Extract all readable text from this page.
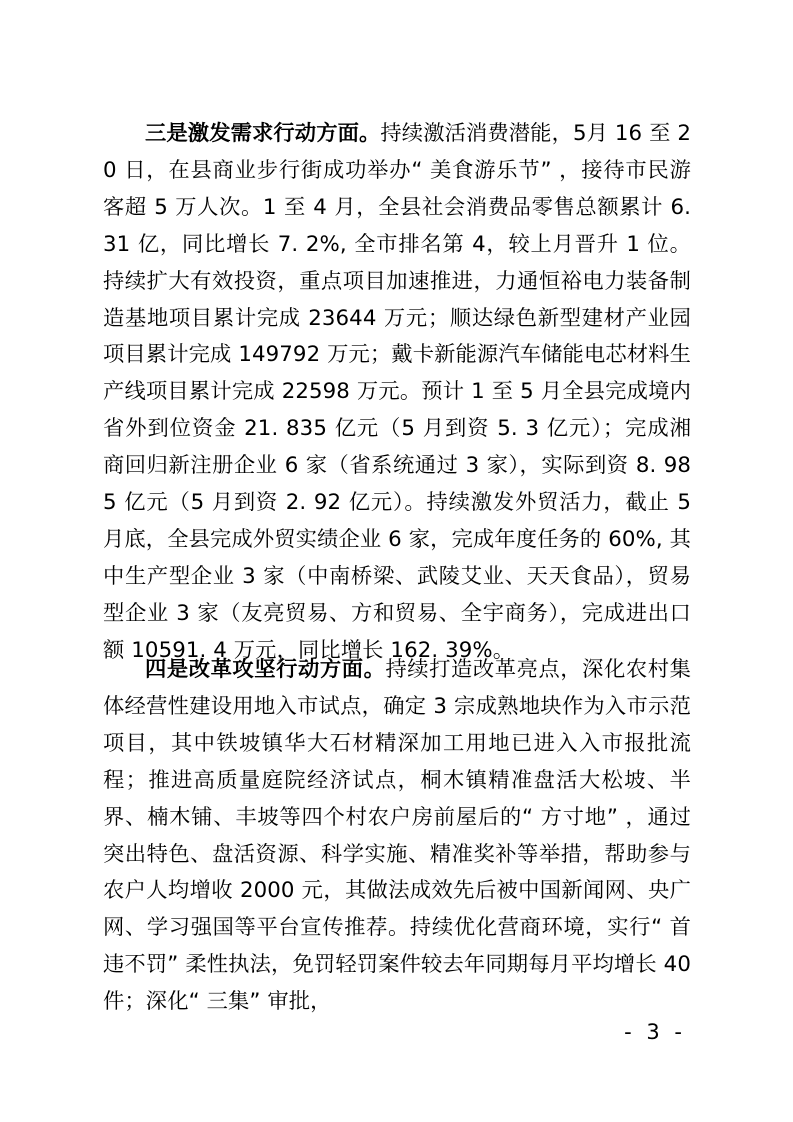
三是激发需求行动方面。持续激活消费潜能，5月 16 至 20 日，在县商业步行街成功举办“ 美食游乐节” ，接待市民游客超 5 万人次。1 至 4 月，全县社会消费品零售总额累计 6. 31 亿，同比增长 7. 2%, 全市排名第 4，较上月晋升 1 位。持续扩大有效投资，重点项目加速推进，力通恒裕电力装备制造基地项目累计完成 23644 万元；顺达绿色新型建材产业园项目累计完成 149792 万元；戴卡新能源汽车储能电芯材料生产线项目累计完成 22598 万元。预计 1 至 5 月全县完成境内省外到位资金 21. 835 亿元（5 月到资 5. 3 亿元）；完成湘商回归新注册企业 6 家（省系统通过 3 家），实际到资 8. 985 亿元（5 月到资 2. 92 亿元）。持续激发外贸活力，截止 5 月底，全县完成外贸实绩企业 6 家，完成年度任务的 60%, 其中生产型企业 3 家（中南桥梁、武陵艾业、天天食品），贸易型企业 3 家（友亮贸易、方和贸易、全宇商务），完成进出口额 10591. 4 万元，同比增长 162. 39%。

四是改革攻坚行动方面。持续打造改革亮点，深化农村集体经营性建设用地入市试点，确定 3 宗成熟地块作为入市示范项目，其中铁坡镇华大石材精深加工用地已进入入市报批流程；推进高质量庭院经济试点，桐木镇精准盘活大松坡、半界、楠木铺、丰坡等四个村农户房前屋后的“ 方寸地” ，通过突出特色、盘活资源、科学实施、精准奖补等举措，帮助参与农户人均增收 2000 元，其做法成效先后被中国新闻网、央广网、学习强国等平台宣传推荐。持续优化营商环境，实行“ 首违不罚” 柔性执法，免罚轻罚案件较去年同期每月平均增长 40 件；深化“ 三集” 审批，

- 3 -
